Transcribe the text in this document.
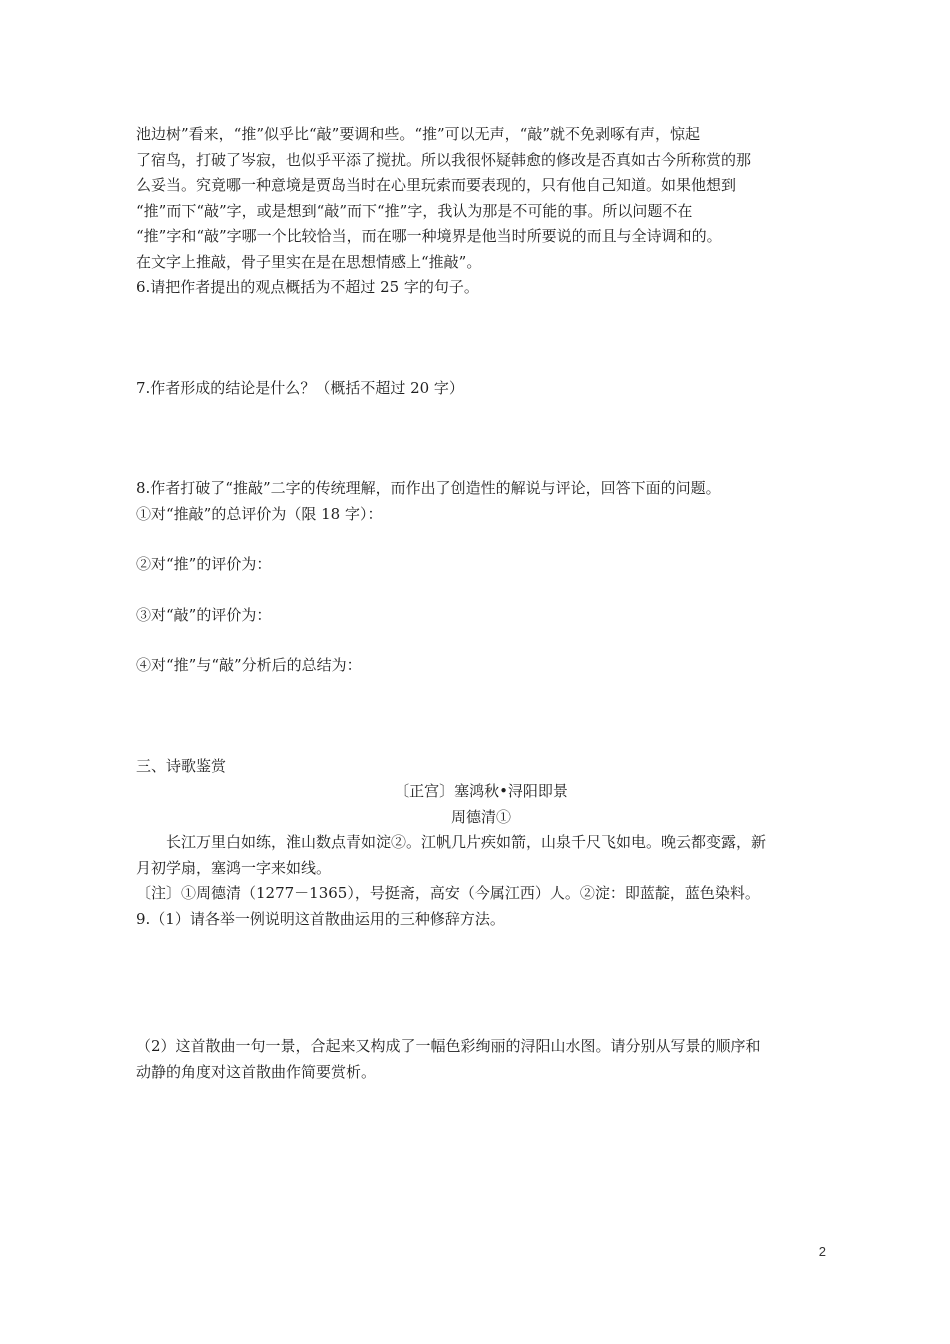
池边树”看来，“推”似乎比“敲”要调和些。“推”可以无声，“敲”就不免剥啄有声，惊起
了宿鸟，打破了岑寂，也似乎平添了搅扰。所以我很怀疑韩愈的修改是否真如古今所称赏的那
么妥当。究竟哪一种意境是贾岛当时在心里玩索而要表现的，只有他自己知道。如果他想到
“推”而下“敲”字，或是想到“敲”而下“推”字，我认为那是不可能的事。所以问题不在
“推”字和“敲”字哪一个比较恰当，而在哪一种境界是他当时所要说的而且与全诗调和的。
在文字上推敲，骨子里实在是在思想情感上“推敲”。
6.请把作者提出的观点概括为不超过 25 字的句子。
7.作者形成的结论是什么？（概括不超过 20 字）
8.作者打破了“推敲”二字的传统理解，而作出了创造性的解说与评论，回答下面的问题。
①对“推敲”的总评价为（限 18 字）：
②对“推”的评价为：
③对“敲”的评价为：
④对“推”与“敲”分析后的总结为：
三、诗歌鉴赏
〔正宫〕塞鸿秋•浔阳即景
周德清①
长江万里白如练，淮山数点青如淀②。江帆几片疾如箭，山泉千尺飞如电。晚云都变露，新
月初学扇，塞鸿一字来如线。
〔注〕①周德清（1277－1365），号挺斋，高安（今属江西）人。②淀：即蓝靛，蓝色染料。
9.（1）请各举一例说明这首散曲运用的三种修辞方法。
（2）这首散曲一句一景，合起来又构成了一幅色彩绚丽的浔阳山水图。请分别从写景的顺序和
动静的角度对这首散曲作简要赏析。
2
